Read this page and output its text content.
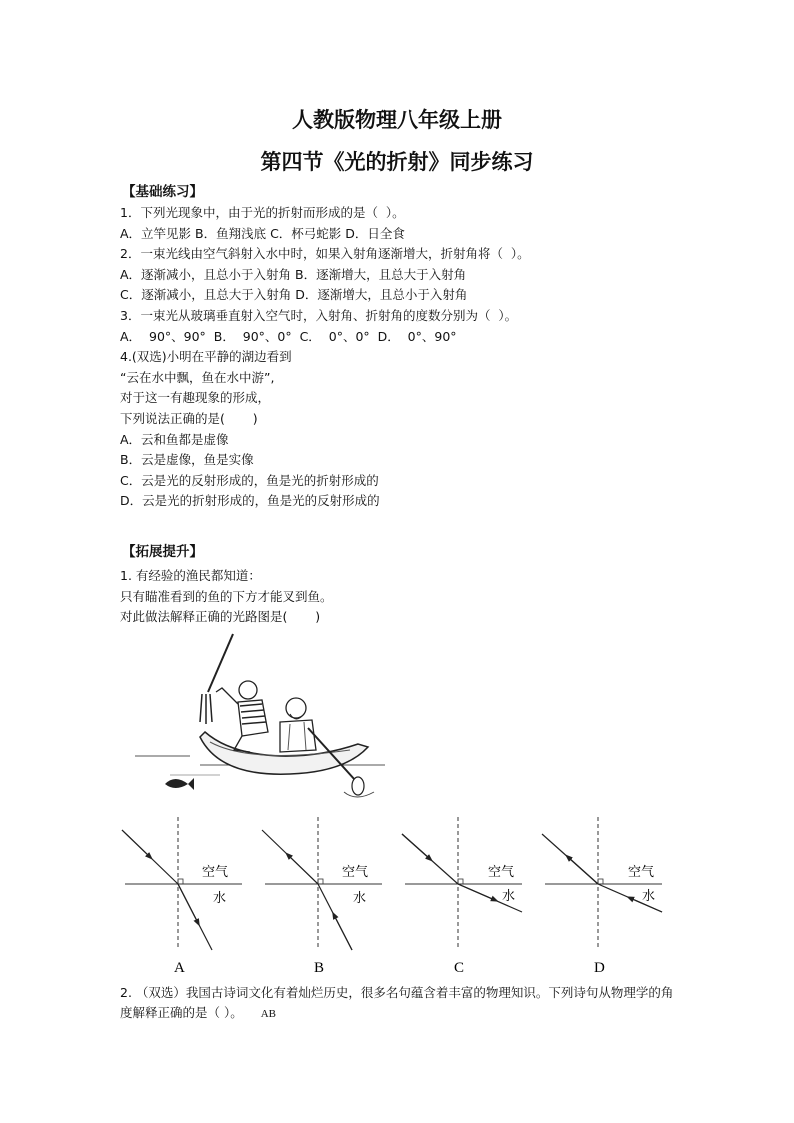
人教版物理八年级上册
第四节《光的折射》同步练习
【基础练习】
1．下列光现象中，由于光的折射而形成的是（  ）。
A．立竿见影 B．鱼翔浅底 C．杯弓蛇影 D．日全食
2．一束光线由空气斜射入水中时，如果入射角逐渐增大，折射角将（  ）。
A．逐渐减小，且总小于入射角 B．逐渐增大，且总大于入射角
C．逐渐减小，且总大于入射角 D．逐渐增大，且总小于入射角
3．一束光从玻璃垂直射入空气时，入射角、折射角的度数分别为（  ）。
A．  90°、90°  B．  90°、0°  C．  0°、0°  D．  0°、90°
4.(双选)小明在平静的湖边看到
“云在水中飘，鱼在水中游”,
对于这一有趣现象的形成，
下列说法正确的是(       )
A．云和鱼都是虚像
B．云是虚像，鱼是实像
C．云是光的反射形成的，鱼是光的折射形成的
D．云是光的折射形成的，鱼是光的反射形成的
【拓展提升】
1. 有经验的渔民都知道：
只有瞄准看到的鱼的下方才能叉到鱼。
对此做法解释正确的光路图是(       )
空气
水
A
空气
水
B
空气
水
C
空气
水
D
2. （双选）我国古诗词文化有着灿烂历史，很多名句蕴含着丰富的物理知识。下列诗句从物理学的角度解释正确的是（ ）。 AB
